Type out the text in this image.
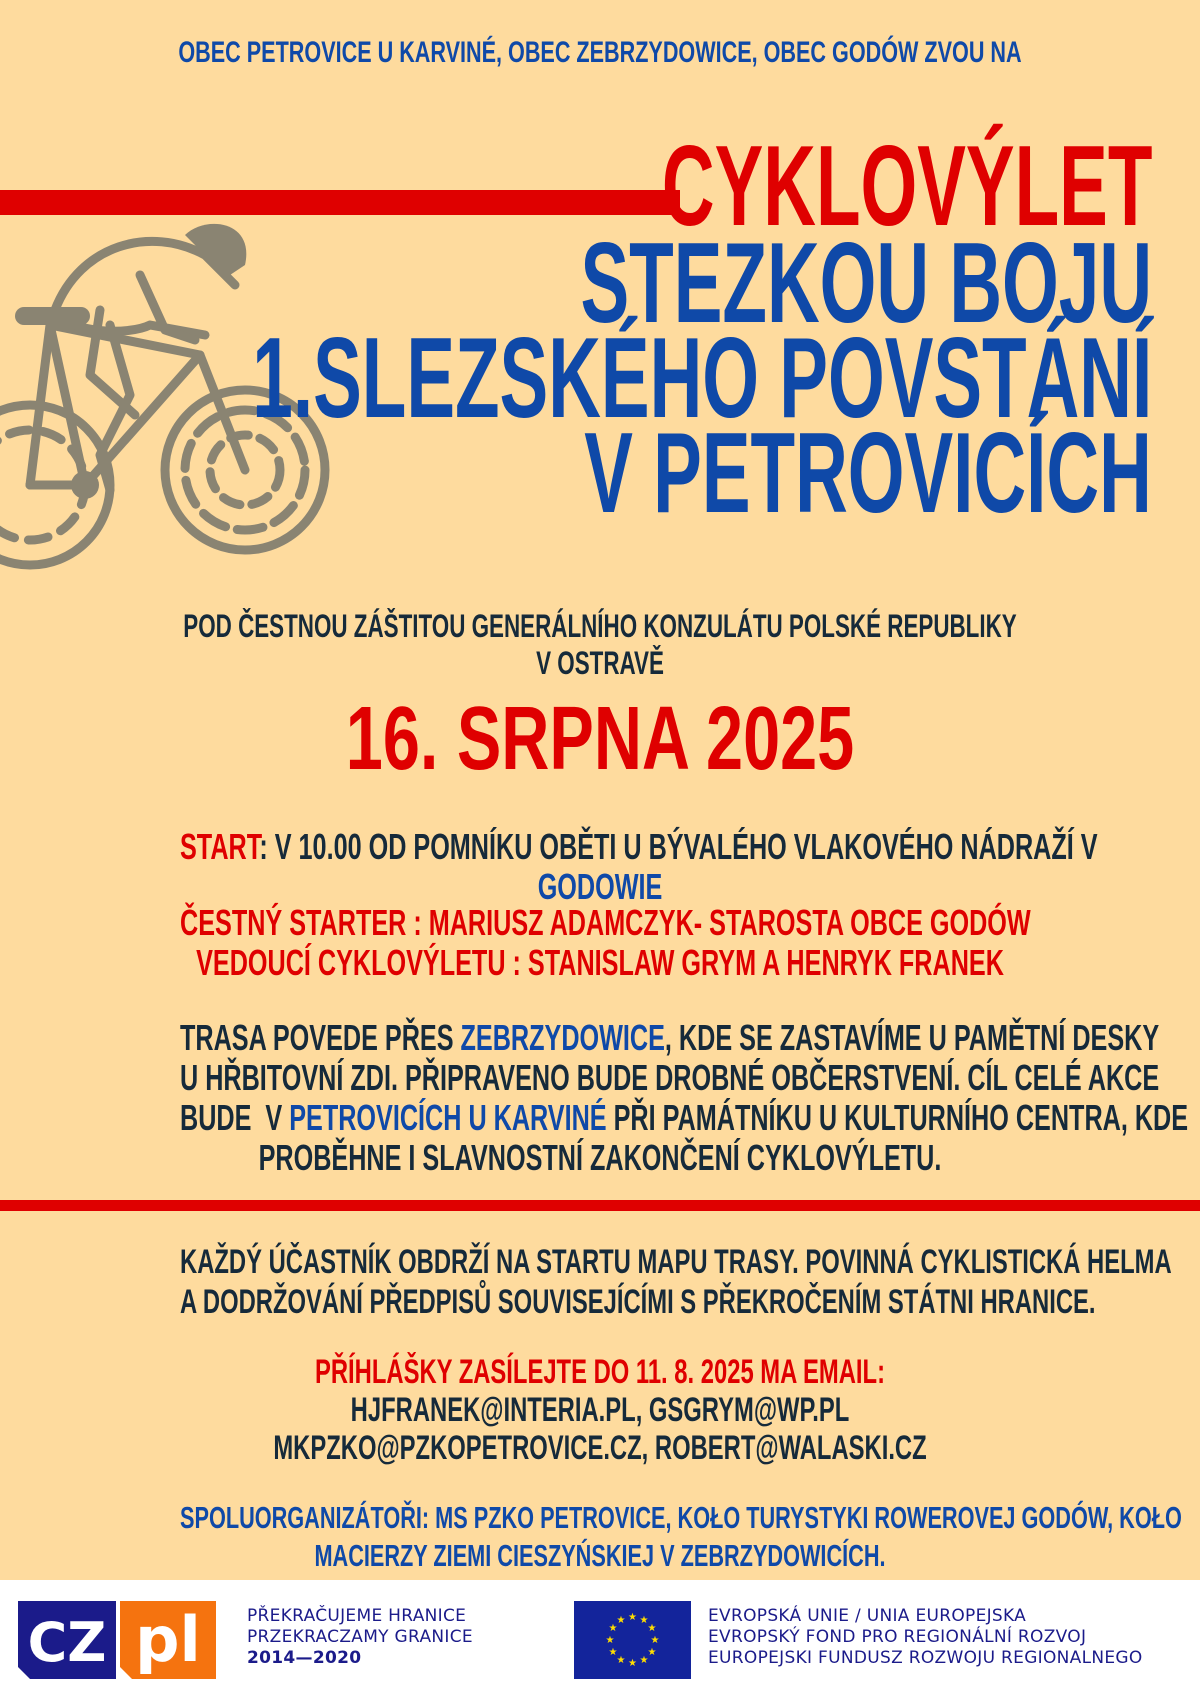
OBEC PETROVICE U KARVINÉ, OBEC ZEBRZYDOWICE, OBEC GODÓW ZVOU NA
CYKLOVÝLET
STEZKOU BOJU
1.SLEZSKÉHO POVSTÁNÍ
V PETROVICÍCH
POD ČESTNOU ZÁŠTITOU GENERÁLNÍHO KONZULÁTU POLSKÉ REPUBLIKY
V OSTRAVĚ
16. SRPNA 2025
START: V 10.00 OD POMNÍKU OBĚTI U BÝVALÉHO VLAKOVÉHO NÁDRAŽÍ V
GODOWIE
ČESTNÝ STARTER : MARIUSZ ADAMCZYK- STAROSTA OBCE GODÓW
VEDOUCÍ CYKLOVÝLETU : STANISLAW GRYM A HENRYK FRANEK
TRASA POVEDE PŘES ZEBRZYDOWICE, KDE SE ZASTAVÍME U PAMĚTNÍ DESKY
U HŘBITOVNÍ ZDI. PŘIPRAVENO BUDE DROBNÉ OBČERSTVENÍ. CÍL CELÉ AKCE
BUDE  V PETROVICÍCH U KARVINÉ PŘI PAMÁTNÍKU U KULTURNÍHO CENTRA, KDE
PROBĚHNE I SLAVNOSTNÍ ZAKONČENÍ CYKLOVÝLETU.
KAŽDÝ ÚČASTNÍK OBDRŽÍ NA STARTU MAPU TRASY. POVINNÁ CYKLISTICKÁ HELMA
A DODRŽOVÁNÍ PŘEDPISŮ SOUVISEJÍCÍMI S PŘEKROČENÍM STÁTNI HRANICE.
PŘÍHLÁŠKY ZASÍLEJTE DO 11. 8. 2025 MA EMAIL:
HJFRANEK@INTERIA.PL, GSGRYM@WP.PL
MKPZKO@PZKOPETROVICE.CZ, ROBERT@WALASKI.CZ
SPOLUORGANIZÁTOŘI: MS PZKO PETROVICE, KOŁO TURYSTYKI ROWEROVEJ GODÓW, KOŁO
MACIERZY ZIEMI CIESZYŃSKIEJ V ZEBRZYDOWICÍCH.
CZ pl	PŘEKRAČUJEME HRANICE
PRZEKRACZAMY GRANICE
2014—2020
★ ★
★
★
★
★
★
★
★
★
★
★	EVROPSKÁ UNIE / UNIA EUROPEJSKA
EVROPSKÝ FOND PRO REGIONÁLNÍ ROZVOJ
EUROPEJSKI FUNDUSZ ROZWOJU REGIONALNEGO
